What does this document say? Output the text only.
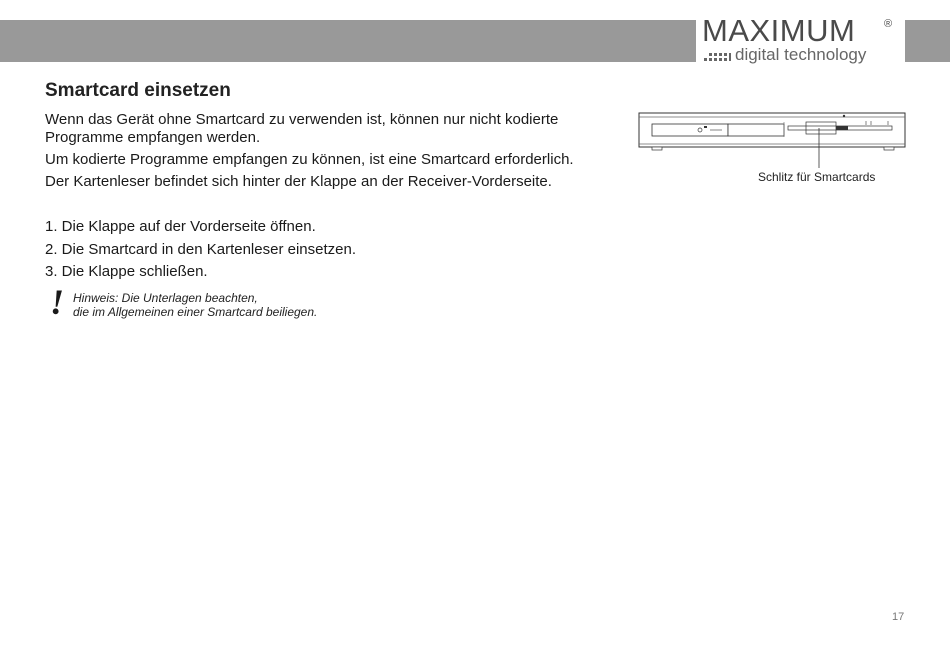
MAXIMUM	®
digital technology
Smartcard einsetzen
Wenn das Gerät ohne Smartcard zu verwenden ist, können nur nicht kodierte Programme empfangen werden.
Um kodierte Programme empfangen zu können, ist eine Smartcard erforderlich.
Der Kartenleser befindet sich hinter der Klappe an der Receiver-Vorderseite.
1. Die Klappe auf der Vorderseite öffnen.
2. Die Smartcard in den Kartenleser einsetzen.
3. Die Klappe schließen.
! Hinweis: Die Unterlagen beachten,
die im Allgemeinen einer Smartcard beiliegen.
Schlitz für Smartcards
17
